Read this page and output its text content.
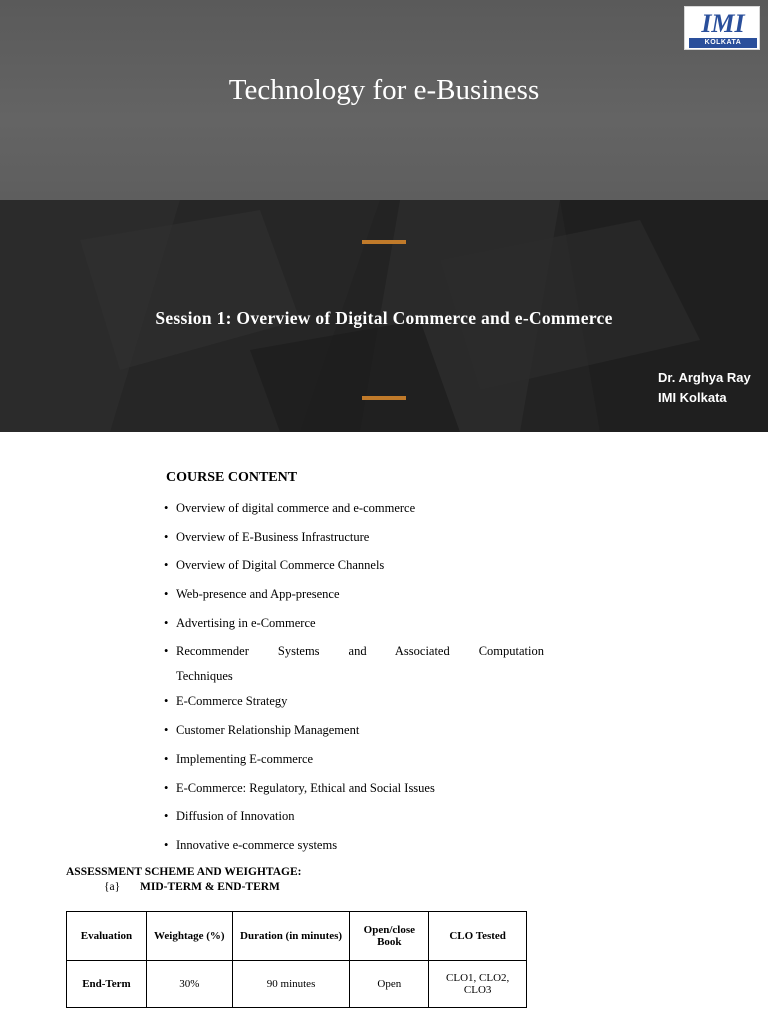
Technology for e-Business
IMI
KOLKATA
Session 1: Overview of Digital Commerce and e-Commerce
Dr. Arghya Ray
IMI Kolkata
COURSE CONTENT
• Overview of digital commerce and e-commerce
• Overview of E-Business Infrastructure
• Overview of Digital Commerce Channels
• Web-presence and App-presence
• Advertising in e-Commerce
• Recommender Systems and Associated Computation
Techniques
• E-Commerce Strategy
• Customer Relationship Management
• Implementing E-commerce
• E-Commerce: Regulatory, Ethical and Social Issues
• Diffusion of Innovation
• Innovative e-commerce systems
ASSESSMENT SCHEME AND WEIGHTAGE:
{a} MID-TERM & END-TERM
Evaluation	Weightage (%)	Duration (in minutes)	Open/close Book	CLO Tested
End-Term	30%	90 minutes	Open	CLO1, CLO2, CLO3
